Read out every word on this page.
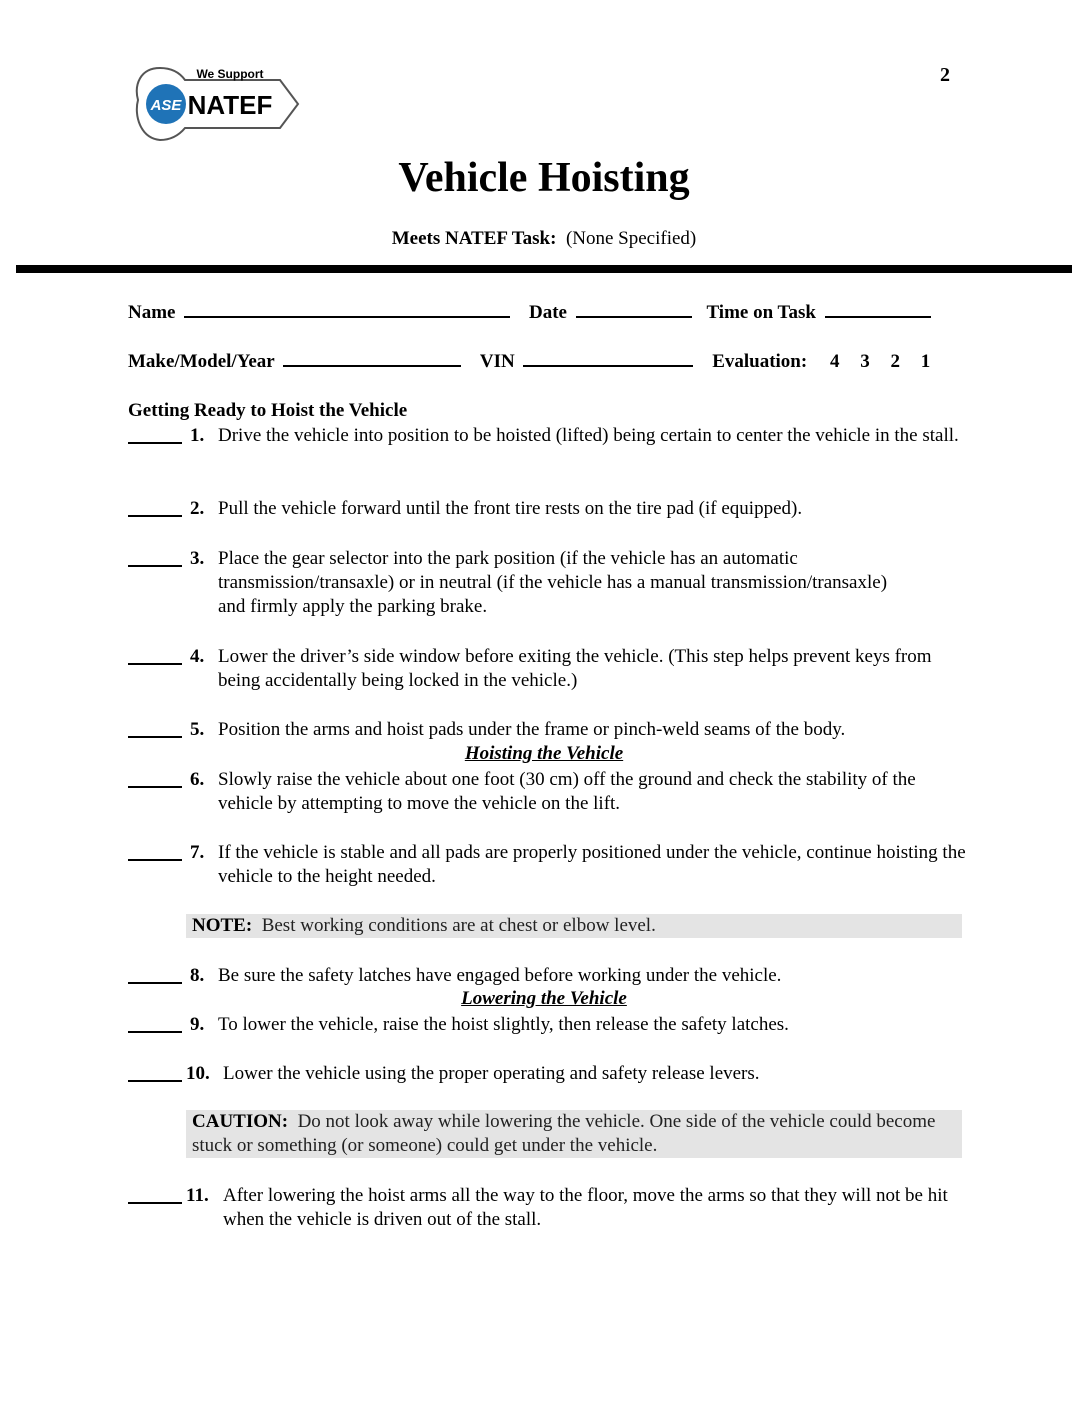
ASE
We Support
NATEF
2
Vehicle Hoisting
Meets NATEF Task: (None Specified)
Name	Date	Time on Task
Make/Model/Year	VIN	Evaluation: 4 3 2 1
Getting Ready to Hoist the Vehicle
1. Drive the vehicle into position to be hoisted (lifted) being certain to center the vehicle in the stall.
2. Pull the vehicle forward until the front tire rests on the tire pad (if equipped).
3. Place the gear selector into the park position (if the vehicle has an automatic transmission/transaxle) or in neutral (if the vehicle has a manual transmission/transaxle) and firmly apply the parking brake.
4. Lower the driver’s side window before exiting the vehicle. (This step helps prevent keys from being accidentally being locked in the vehicle.)
5. Position the arms and hoist pads under the frame or pinch-weld seams of the body.
Hoisting the Vehicle
6. Slowly raise the vehicle about one foot (30 cm) off the ground and check the stability of the vehicle by attempting to move the vehicle on the lift.
7. If the vehicle is stable and all pads are properly positioned under the vehicle, continue hoisting the vehicle to the height needed.
NOTE: Best working conditions are at chest or elbow level.
8. Be sure the safety latches have engaged before working under the vehicle.
Lowering the Vehicle
9. To lower the vehicle, raise the hoist slightly, then release the safety latches.
10. Lower the vehicle using the proper operating and safety release levers.
CAUTION: Do not look away while lowering the vehicle. One side of the vehicle could become stuck or something (or someone) could get under the vehicle.
11. After lowering the hoist arms all the way to the floor, move the arms so that they will not be hit when the vehicle is driven out of the stall.
